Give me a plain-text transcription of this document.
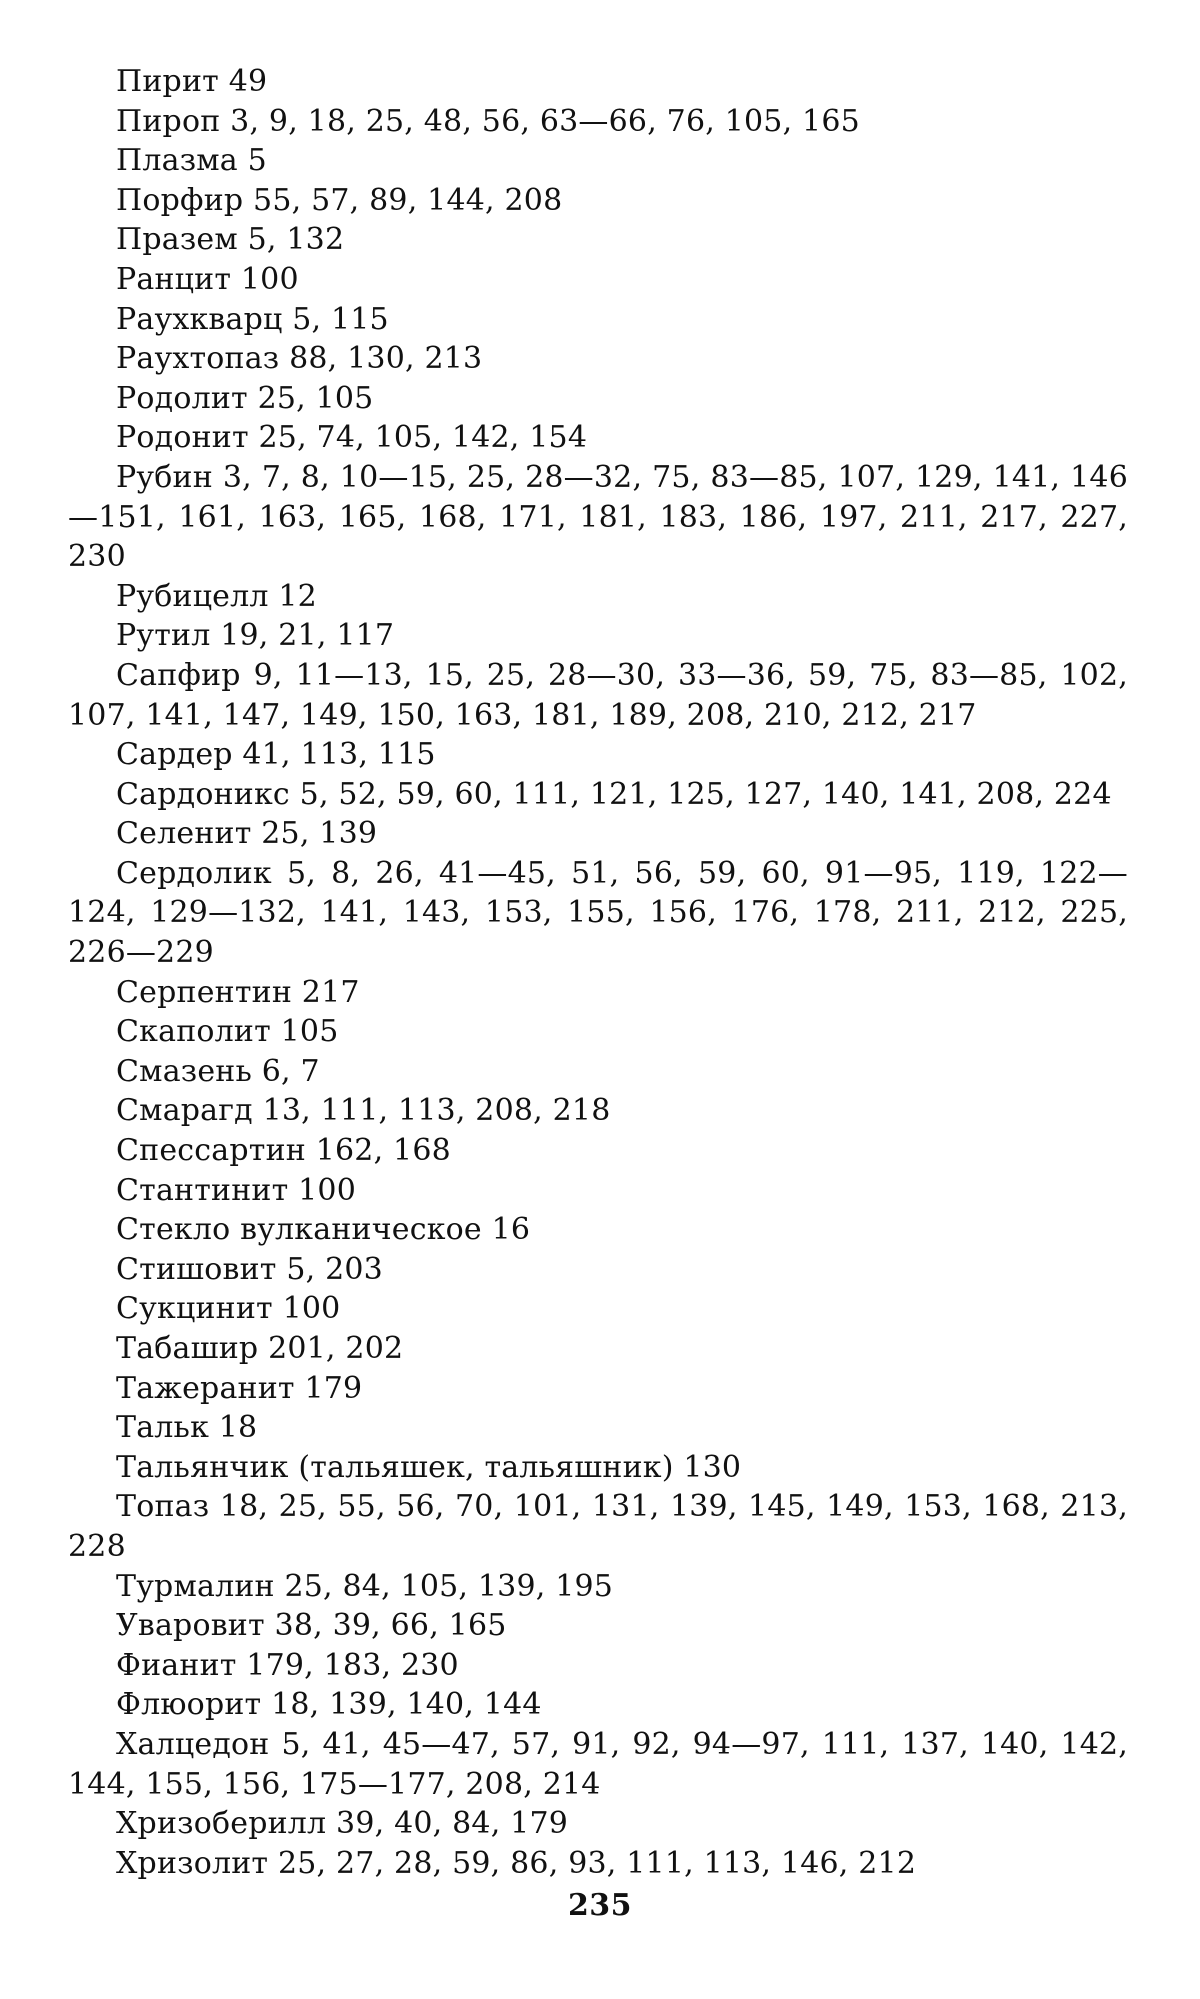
Пирит 49

Пироп 3, 9, 18, 25, 48, 56, 63—66, 76, 105, 165

Плазма 5

Порфир 55, 57, 89, 144, 208

Празем 5, 132

Ранцит 100

Раухкварц 5, 115

Раухтопаз 88, 130, 213

Родолит 25, 105

Родонит 25, 74, 105, 142, 154

Рубин 3, 7, 8, 10—15, 25, 28—32, 75, 83—85, 107, 129, 141, 146—151, 161, 163, 165, 168, 171, 181, 183, 186, 197, 211, 217, 227, 230

Рубицелл 12

Рутил 19, 21, 117

Сапфир 9, 11—13, 15, 25, 28—30, 33—36, 59, 75, 83—85, 102, 107, 141, 147, 149, 150, 163, 181, 189, 208, 210, 212, 217

Сардер 41, 113, 115

Сардоникс 5, 52, 59, 60, 111, 121, 125, 127, 140, 141, 208, 224

Селенит 25, 139

Сердолик 5, 8, 26, 41—45, 51, 56, 59, 60, 91—95, 119, 122—124, 129—132, 141, 143, 153, 155, 156, 176, 178, 211, 212, 225, 226—229

Серпентин 217

Скаполит 105

Смазень 6, 7

Смарагд 13, 111, 113, 208, 218

Спессартин 162, 168

Стантинит 100

Стекло вулканическое 16

Стишовит 5, 203

Сукцинит 100

Табашир 201, 202

Тажеранит 179

Тальк 18

Тальянчик (тальяшек, тальяшник) 130

Топаз 18, 25, 55, 56, 70, 101, 131, 139, 145, 149, 153, 168, 213, 228

Турмалин 25, 84, 105, 139, 195

Уваровит 38, 39, 66, 165

Фианит 179, 183, 230

Флюорит 18, 139, 140, 144

Халцедон 5, 41, 45—47, 57, 91, 92, 94—97, 111, 137, 140, 142, 144, 155, 156, 175—177, 208, 214

Хризоберилл 39, 40, 84, 179

Хризолит 25, 27, 28, 59, 86, 93, 111, 113, 146, 212

235
